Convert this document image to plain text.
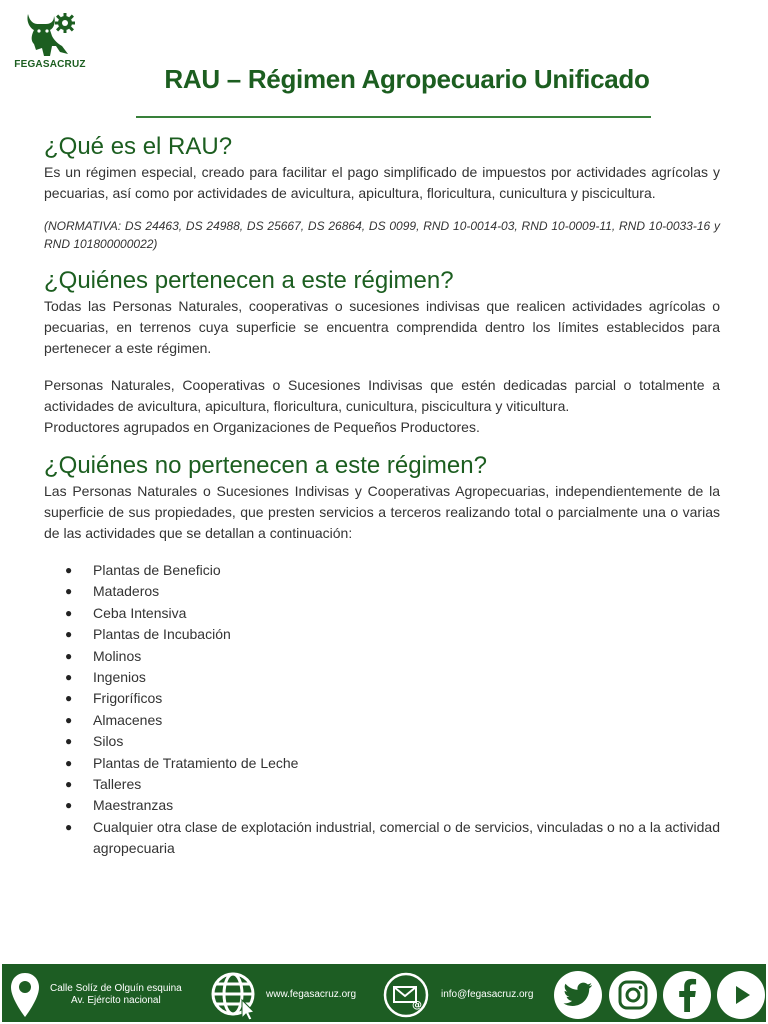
FEGASACRUZ	RAU – Régimen Agropecuario Unificado
¿Qué es el RAU?

Es un régimen especial, creado para facilitar el pago simplificado de impuestos por actividades agrícolas y pecuarias, así como por actividades de avicultura, apicultura, floricultura, cunicultura y piscicultura.

(NORMATIVA: DS 24463, DS 24988, DS 25667, DS 26864, DS 0099, RND 10-0014-03, RND 10-0009-11, RND 10-0033-16 y RND 101800000022)

¿Quiénes pertenecen a este régimen?

Todas las Personas Naturales, cooperativas o sucesiones indivisas que realicen actividades agrícolas o pecuarias, en terrenos cuya superficie se encuentra comprendida dentro los límites establecidos para pertenecer a este régimen.

Personas Naturales, Cooperativas o Sucesiones Indivisas que estén dedicadas parcial o totalmente a actividades de avicultura, apicultura, floricultura, cunicultura, piscicultura y viticultura.

Productores agrupados en Organizaciones de Pequeños Productores.

¿Quiénes no pertenecen a este régimen?

Las Personas Naturales o Sucesiones Indivisas y Cooperativas Agropecuarias, independientemente de la superficie de sus propiedades, que presten servicios a terceros realizando total o parcialmente una o varias de las actividades que se detallan a continuación:

● Plantas de Beneficio
● Mataderos
● Ceba Intensiva
● Plantas de Incubación
● Molinos
● Ingenios
● Frigoríficos
● Almacenes
● Silos
● Plantas de Tratamiento de Leche
● Talleres
● Maestranzas
● Cualquier otra clase de explotación industrial, comercial o de servicios, vinculadas o no a la actividad agropecuaria
Calle Solíz de Olguín esquina
Av. Ejército nacional
www.fegasacruz.org
@
info@fegasacruz.org
